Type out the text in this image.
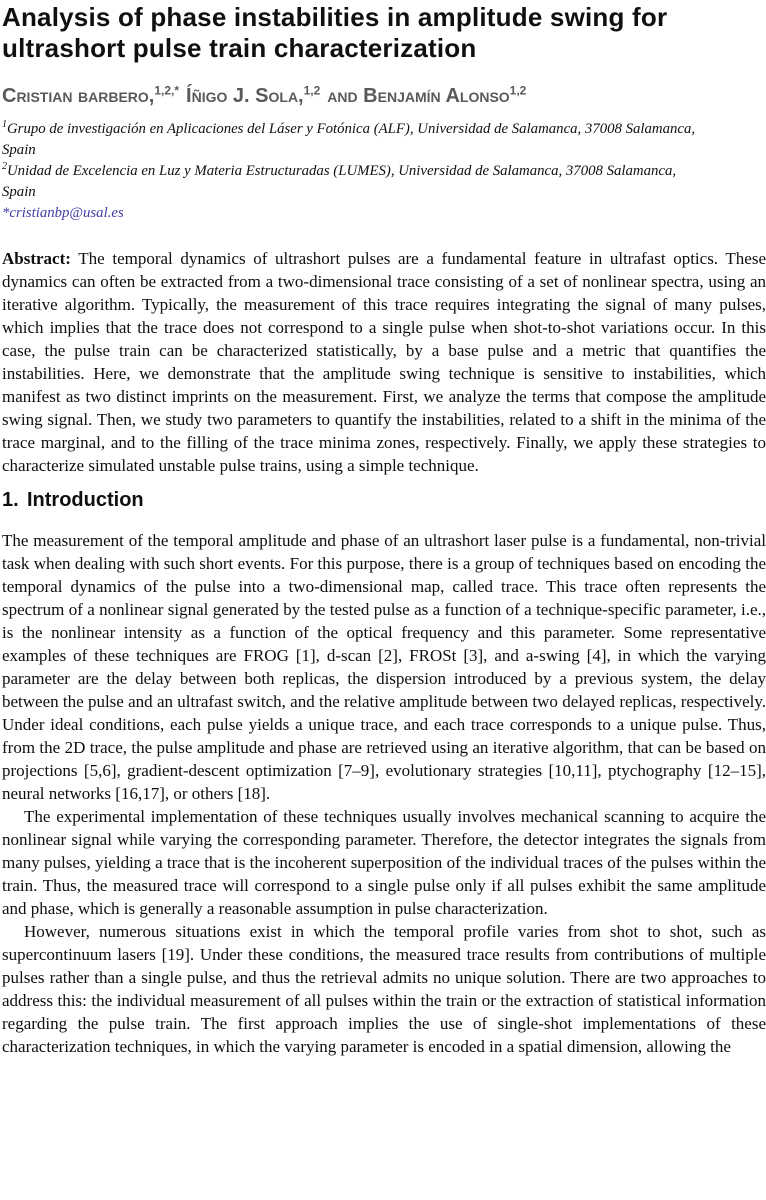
Analysis of phase instabilities in amplitude swing for ultrashort pulse train characterization
Cristian barbero,$^{1,2,*}$ Íñigo J. Sola,$^{1,2}$ and Benjamín Alonso$^{1,2}$

$^1$Grupo de investigación en Aplicaciones del Láser y Fotónica (ALF), Universidad de Salamanca, 37008 Salamanca,
Spain

$^2$Unidad de Excelencia en Luz y Materia Estructuradas (LUMES), Universidad de Salamanca, 37008 Salamanca,
Spain

*cristianbp@usal.es

Abstract: The temporal dynamics of ultrashort pulses are a fundamental feature in ultrafast optics. These dynamics can often be extracted from a two-dimensional trace consisting of a set of nonlinear spectra, using an iterative algorithm. Typically, the measurement of this trace requires integrating the signal of many pulses, which implies that the trace does not correspond to a single pulse when shot-to-shot variations occur. In this case, the pulse train can be characterized statistically, by a base pulse and a metric that quantifies the instabilities. Here, we demonstrate that the amplitude swing technique is sensitive to instabilities, which manifest as two distinct imprints on the measurement. First, we analyze the terms that compose the amplitude swing signal. Then, we study two parameters to quantify the instabilities, related to a shift in the minima of the trace marginal, and to the filling of the trace minima zones, respectively. Finally, we apply these strategies to characterize simulated unstable pulse trains, using a simple technique.

1. Introduction

The measurement of the temporal amplitude and phase of an ultrashort laser pulse is a fundamental, non-trivial task when dealing with such short events. For this purpose, there is a group of techniques based on encoding the temporal dynamics of the pulse into a two-dimensional map, called trace. This trace often represents the spectrum of a nonlinear signal generated by the tested pulse as a function of a technique-specific parameter, i.e., is the nonlinear intensity as a function of the optical frequency and this parameter. Some representative examples of these techniques are FROG [1], d-scan [2], FROSt [3], and a-swing [4], in which the varying parameter are the delay between both replicas, the dispersion introduced by a previous system, the delay between the pulse and an ultrafast switch, and the relative amplitude between two delayed replicas, respectively. Under ideal conditions, each pulse yields a unique trace, and each trace corresponds to a unique pulse. Thus, from the 2D trace, the pulse amplitude and phase are retrieved using an iterative algorithm, that can be based on projections [5,6], gradient-descent optimization [7–9], evolutionary strategies [10,11], ptychography [12–15], neural networks [16,17], or others [18].

The experimental implementation of these techniques usually involves mechanical scanning to acquire the nonlinear signal while varying the corresponding parameter. Therefore, the detector integrates the signals from many pulses, yielding a trace that is the incoherent superposition of the individual traces of the pulses within the train. Thus, the measured trace will correspond to a single pulse only if all pulses exhibit the same amplitude and phase, which is generally a reasonable assumption in pulse characterization.

However, numerous situations exist in which the temporal profile varies from shot to shot, such as supercontinuum lasers [19]. Under these conditions, the measured trace results from contributions of multiple pulses rather than a single pulse, and thus the retrieval admits no unique solution. There are two approaches to address this: the individual measurement of all pulses within the train or the extraction of statistical information regarding the pulse train. The first approach implies the use of single-shot implementations of these characterization techniques, in which the varying parameter is encoded in a spatial dimension, allowing the
